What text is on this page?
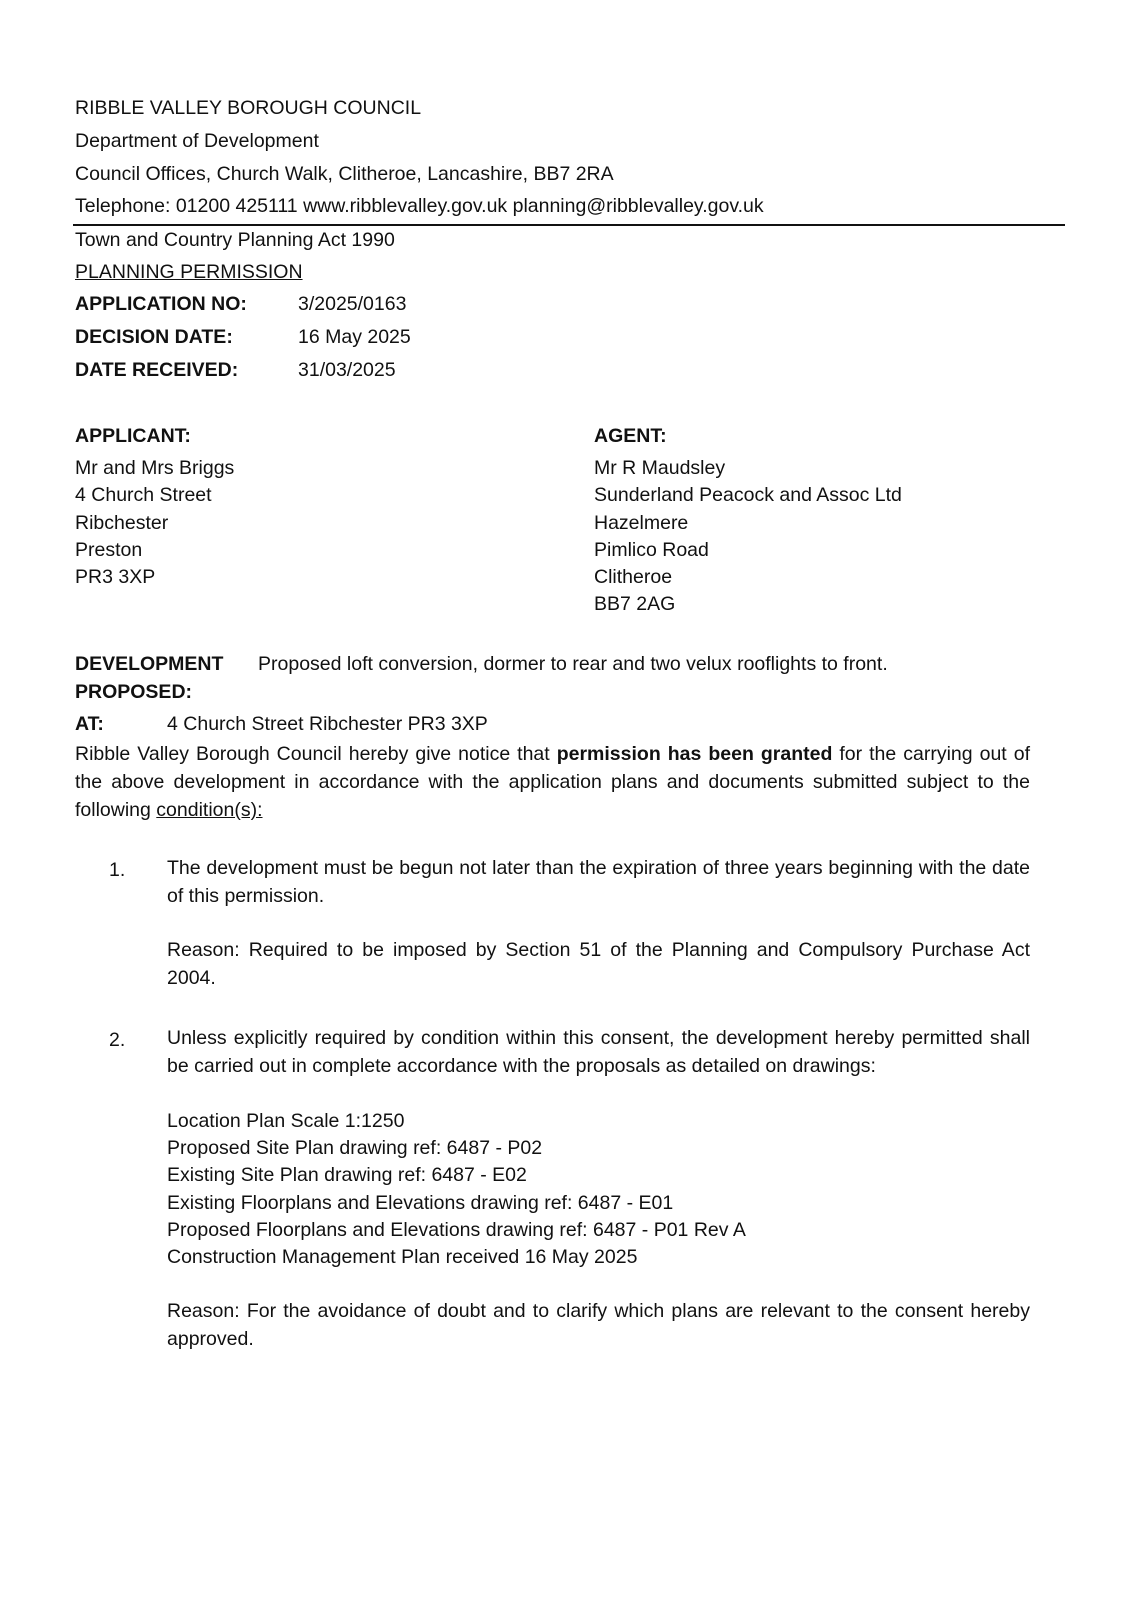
RIBBLE VALLEY BOROUGH COUNCIL
Department of Development
Council Offices, Church Walk, Clitheroe, Lancashire, BB7 2RA
Telephone: 01200 425111 www.ribblevalley.gov.uk planning@ribblevalley.gov.uk
Town and Country Planning Act 1990
PLANNING PERMISSION
APPLICATION NO:	3/2025/0163
DECISION DATE:	16 May 2025
DATE RECEIVED:	31/03/2025
APPLICANT:
Mr and Mrs Briggs
4 Church Street
Ribchester
Preston
PR3 3XP
AGENT:
Mr R Maudsley
Sunderland Peacock and Assoc Ltd
Hazelmere
Pimlico Road
Clitheroe
BB7 2AG
DEVELOPMENT
PROPOSED:
Proposed loft conversion, dormer to rear and two velux rooflights to front.
AT:	4 Church Street Ribchester PR3 3XP
Ribble Valley Borough Council hereby give notice that permission has been granted for the carrying out of the above development in accordance with the application plans and documents submitted subject to the following condition(s):
1. The development must be begun not later than the expiration of three years beginning with the date of this permission.
Reason: Required to be imposed by Section 51 of the Planning and Compulsory Purchase Act 2004.
2. Unless explicitly required by condition within this consent, the development hereby permitted shall be carried out in complete accordance with the proposals as detailed on drawings:
Location Plan Scale 1:1250
Proposed Site Plan drawing ref: 6487 - P02
Existing Site Plan drawing ref: 6487 - E02
Existing Floorplans and Elevations drawing ref: 6487 - E01
Proposed Floorplans and Elevations drawing ref: 6487 - P01 Rev A
Construction Management Plan received 16 May 2025
Reason: For the avoidance of doubt and to clarify which plans are relevant to the consent hereby approved.
